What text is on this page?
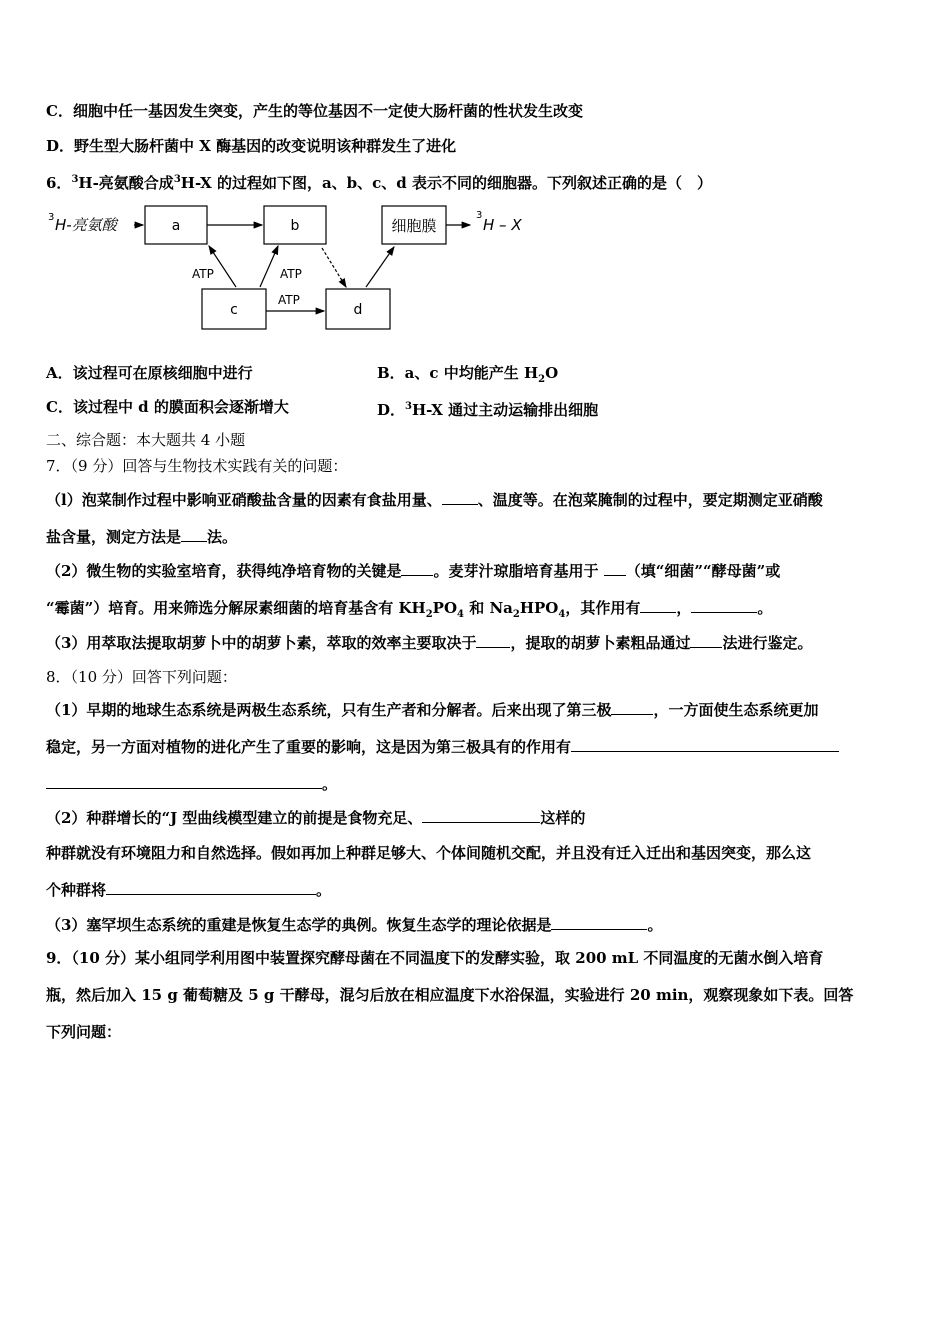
C．细胞中任一基因发生突变，产生的等位基因不一定使大肠杆菌的性状发生改变
D．野生型大肠杆菌中 X 酶基因的改变说明该种群发生了进化
6．$^3$H-亮氨酸合成$^3$H-X 的过程如下图，a、b、c、d 表示不同的细胞器。下列叙述正确的是（　）
3 H-亮氨酸	a	b	细胞膜
3
H – X
c	d
ATP	ATP
ATP
A．该过程可在原核细胞中进行	B．a、c 中均能产生 $H_2O$
C．该过程中 d 的膜面积会逐渐增大	D．$^3$H-X 通过主动运输排出细胞
二、综合题：本大题共 4 小题
7．（9 分）回答与生物技术实践有关的问题：
（l）泡菜制作过程中影响亚硝酸盐含量的因素有食盐用量、 、温度等。在泡菜腌制的过程中，要定期测定亚硝酸
盐含量，测定方法是 法。
（2）微生物的实验室培育，获得纯净培育物的关键是 。麦芽汁琼脂培育基用于 （填“细菌”“酵母菌”或
“霉菌”）培育。用来筛选分解尿素细菌的培育基含有 $KH_2PO_4$ 和 $Na_2HPO_4$，其作用有 ，	。
（3）用萃取法提取胡萝卜中的胡萝卜素，萃取的效率主要取决于 ，提取的胡萝卜素粗品通过 法进行鉴定。
8．（10 分）回答下列问题：
（1）早期的地球生态系统是两极生态系统，只有生产者和分解者。后来出现了第三极	，一方面使生态系统更加
稳定，另一方面对植物的进化产生了重要的影响，这是因为第三极具有的作用有
。
（2）种群增长的“J 型曲线模型建立的前提是食物充足、	这样的
种群就没有环境阻力和自然选择。假如再加上种群足够大、个体间随机交配，并且没有迁入迁出和基因突变，那么这
个种群将	。
（3）塞罕坝生态系统的重建是恢复生态学的典例。恢复生态学的理论依据是	。
9．（10 分）某小组同学利用图中装置探究酵母菌在不同温度下的发酵实验，取 200 mL 不同温度的无菌水倒入培育
瓶，然后加入 15 g 葡萄糖及 5 g 干酵母，混匀后放在相应温度下水浴保温，实验进行 20 min，观察现象如下表。回答
下列问题：
